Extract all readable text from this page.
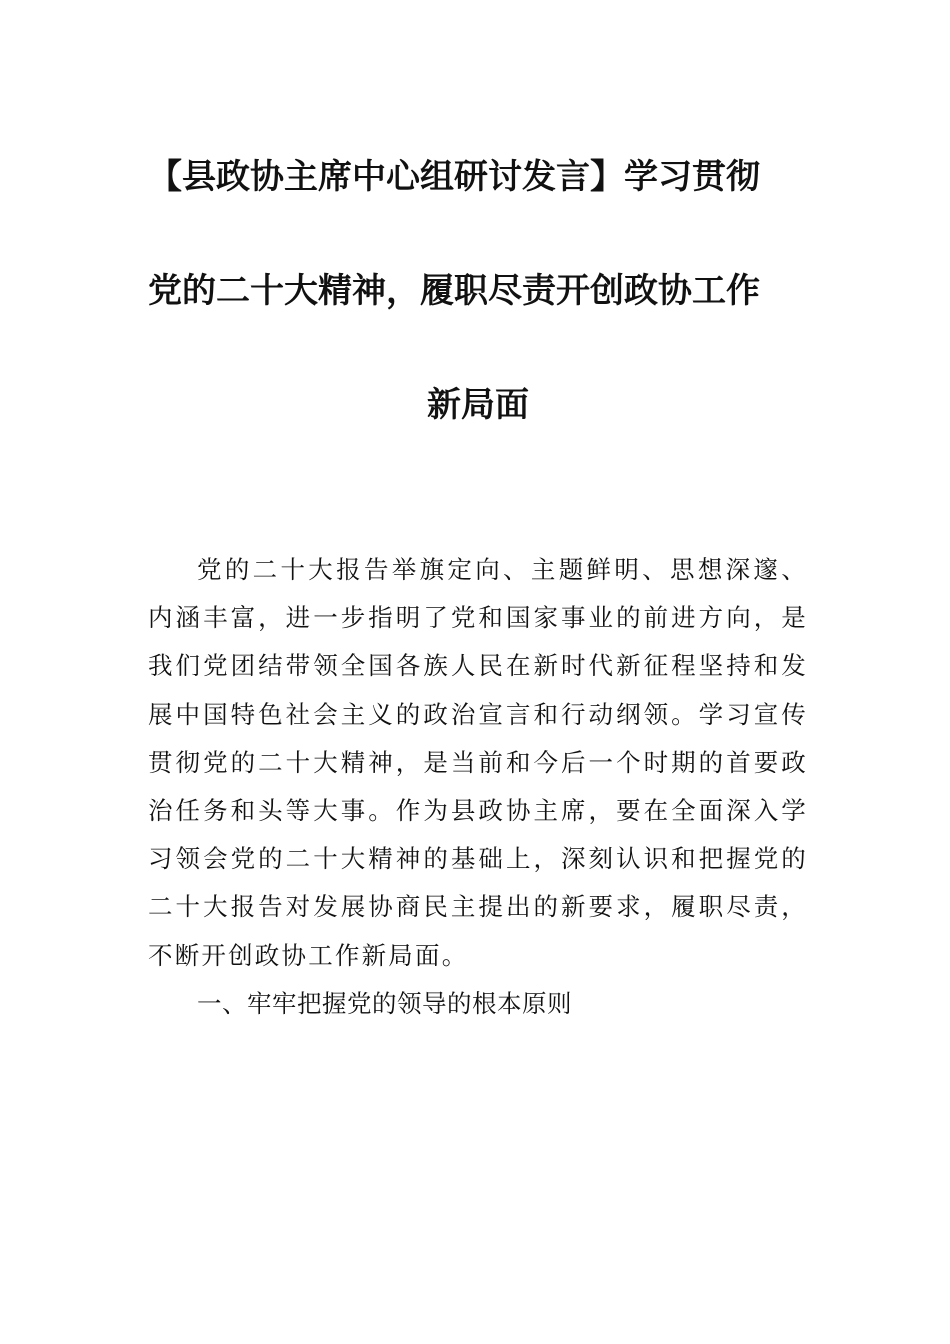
【县政协主席中心组研讨发言】学习贯彻
党的二十大精神，履职尽责开创政协工作
新局面

党的二十大报告举旗定向、主题鲜明、思想深邃、内涵丰富，进一步指明了党和国家事业的前进方向，是我们党团结带领全国各族人民在新时代新征程坚持和发展中国特色社会主义的政治宣言和行动纲领。学习宣传贯彻党的二十大精神，是当前和今后一个时期的首要政治任务和头等大事。作为县政协主席，要在全面深入学习领会党的二十大精神的基础上，深刻认识和把握党的二十大报告对发展协商民主提出的新要求，履职尽责，不断开创政协工作新局面。

一、牢牢把握党的领导的根本原则
